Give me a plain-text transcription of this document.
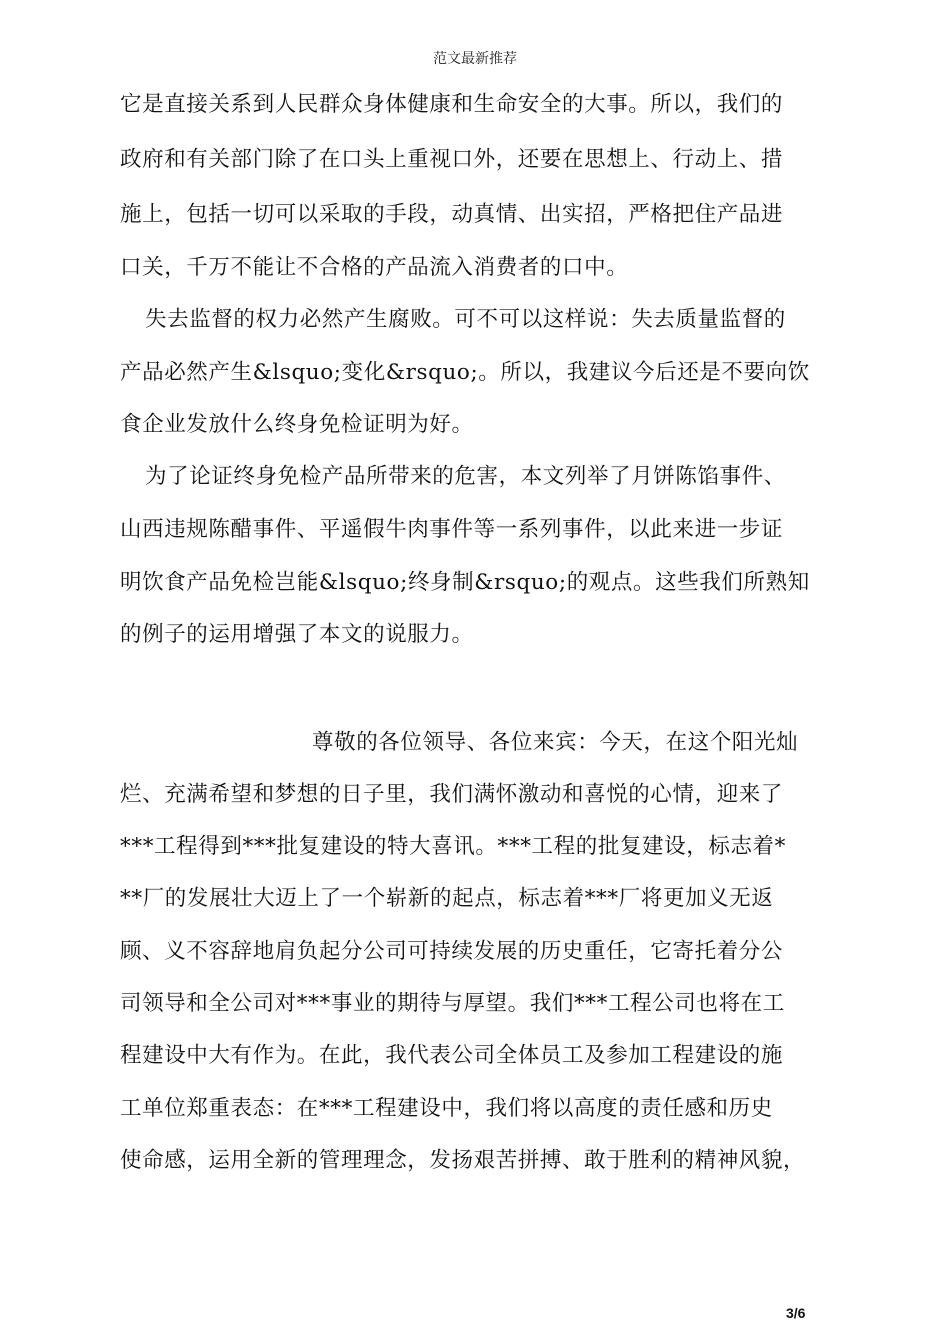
范文最新推荐
它是直接关系到人民群众身体健康和生命安全的大事。所以，我们的
政府和有关部门除了在口头上重视口外，还要在思想上、行动上、措
施上，包括一切可以采取的手段，动真情、出实招，严格把住产品进
口关，千万不能让不合格的产品流入消费者的口中。
失去监督的权力必然产生腐败。可不可以这样说：失去质量监督的
产品必然产生&lsquo;变化&rsquo;。所以，我建议今后还是不要向饮
食企业发放什么终身免检证明为好。
为了论证终身免检产品所带来的危害，本文列举了月饼陈馅事件、
山西违规陈醋事件、平遥假牛肉事件等一系列事件，以此来进一步证
明饮食产品免检岂能&lsquo;终身制&rsquo;的观点。这些我们所熟知
的例子的运用增强了本文的说服力。
尊敬的各位领导、各位来宾：今天，在这个阳光灿
烂、充满希望和梦想的日子里，我们满怀激动和喜悦的心情，迎来了
***工程得到***批复建设的特大喜讯。***工程的批复建设，标志着*
**厂的发展壮大迈上了一个崭新的起点，标志着***厂将更加义无返
顾、义不容辞地肩负起分公司可持续发展的历史重任，它寄托着分公
司领导和全公司对***事业的期待与厚望。我们***工程公司也将在工
程建设中大有作为。在此，我代表公司全体员工及参加工程建设的施
工单位郑重表态：在***工程建设中，我们将以高度的责任感和历史
使命感，运用全新的管理理念，发扬艰苦拼搏、敢于胜利的精神风貌，
3/6
